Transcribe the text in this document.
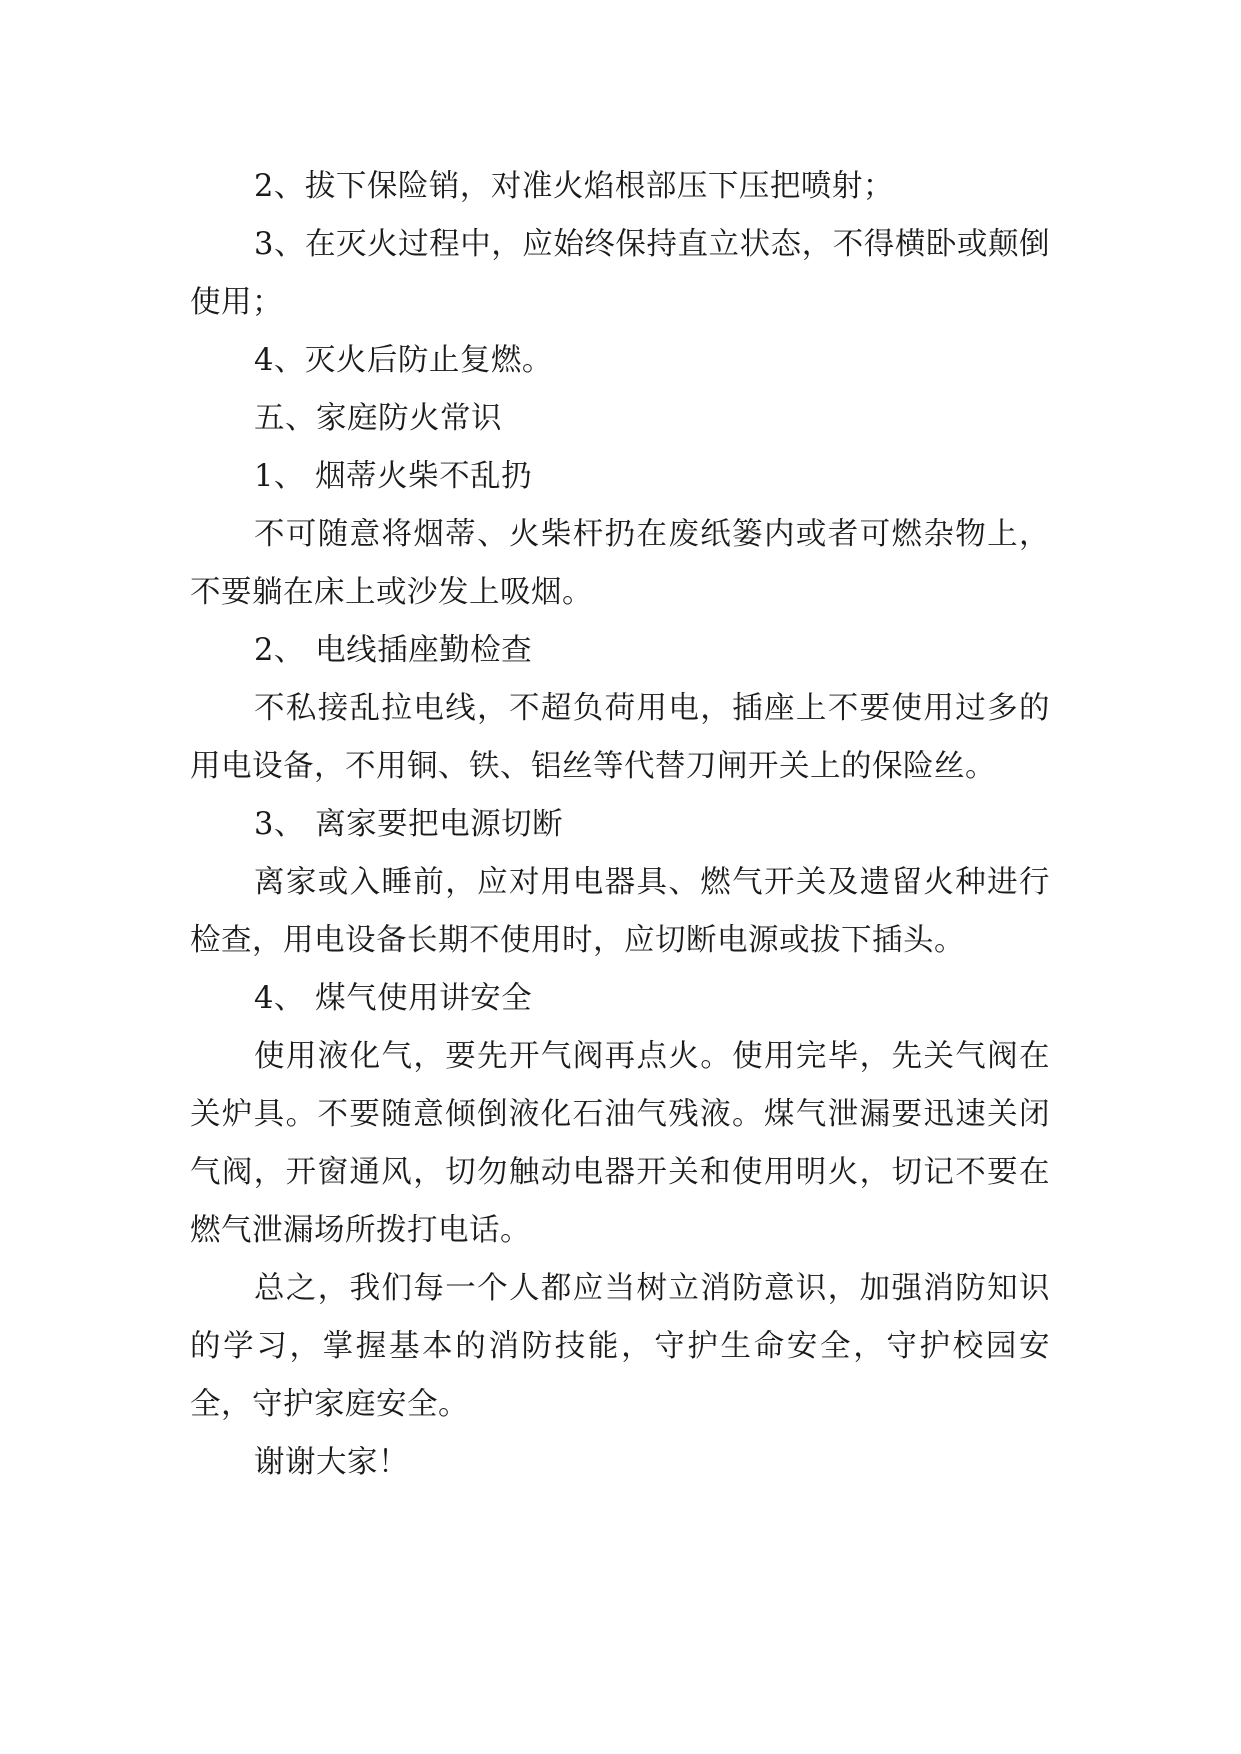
2、拔下保险销，对准火焰根部压下压把喷射；

3、在灭火过程中，应始终保持直立状态，不得横卧或颠倒使用；

4、灭火后防止复燃。

五、家庭防火常识

1、 烟蒂火柴不乱扔

不可随意将烟蒂、火柴杆扔在废纸篓内或者可燃杂物上，不要躺在床上或沙发上吸烟。

2、 电线插座勤检查

不私接乱拉电线，不超负荷用电，插座上不要使用过多的用电设备，不用铜、铁、铝丝等代替刀闸开关上的保险丝。

3、 离家要把电源切断

离家或入睡前，应对用电器具、燃气开关及遗留火种进行检查，用电设备长期不使用时，应切断电源或拔下插头。

4、 煤气使用讲安全

使用液化气，要先开气阀再点火。使用完毕，先关气阀在关炉具。不要随意倾倒液化石油气残液。煤气泄漏要迅速关闭气阀，开窗通风，切勿触动电器开关和使用明火，切记不要在燃气泄漏场所拨打电话。

总之，我们每一个人都应当树立消防意识，加强消防知识的学习，掌握基本的消防技能，守护生命安全，守护校园安全，守护家庭安全。

谢谢大家！
